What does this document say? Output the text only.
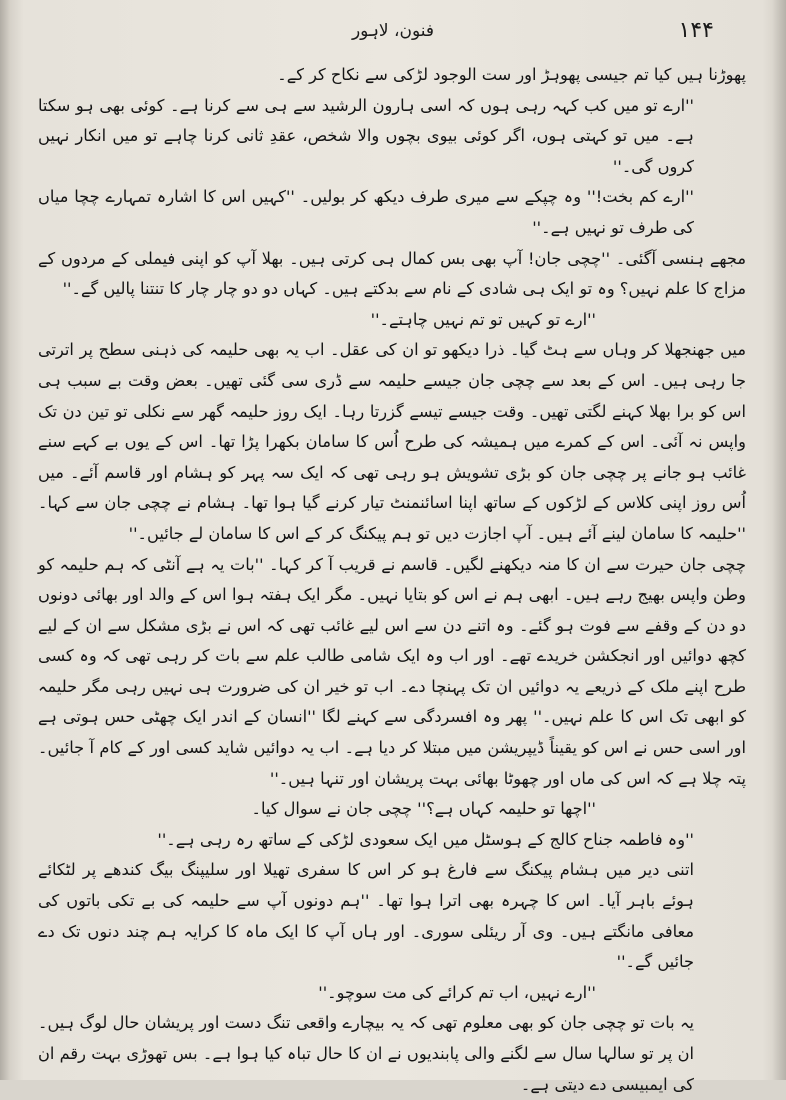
فنون، لاہور	۱۴۴

پھوڑنا ہیں کیا تم جیسی پھوہڑ اور ست الوجود لڑکی سے نکاح کر کے۔

''ارے تو میں کب کہہ رہی ہوں کہ اسی ہارون الرشید سے ہی سے کرنا ہے۔ کوئی بھی ہو سکتا ہے۔ میں تو کہتی ہوں، اگر کوئی بیوی بچوں والا شخص، عقدِ ثانی کرنا چاہے تو میں انکار نہیں کروں گی۔''

''ارے کم بخت!'' وہ چپکے سے میری طرف دیکھ کر بولیں۔ ''کہیں اس کا اشارہ تمہارے چچا میاں کی طرف تو نہیں ہے۔''

مجھے ہنسی آگئی۔ ''چچی جان! آپ بھی بس کمال ہی کرتی ہیں۔ بھلا آپ کو اپنی فیملی کے مردوں کے مزاج کا علم نہیں؟ وہ تو ایک ہی شادی کے نام سے بدکتے ہیں۔ کہاں دو دو چار چار کا تنتنا پالیں گے۔''

''ارے تو کہیں تو تم نہیں چاہتے۔''

میں جھنجھلا کر وہاں سے ہٹ گیا۔ ذرا دیکھو تو ان کی عقل۔ اب یہ بھی حلیمہ کی ذہنی سطح پر اترتی جا رہی ہیں۔ اس کے بعد سے چچی جان جیسے حلیمہ سے ڈری سی گئی تھیں۔ بعض وقت بے سبب ہی اس کو برا بھلا کہنے لگتی تھیں۔ وقت جیسے تیسے گزرتا رہا۔ ایک روز حلیمہ گھر سے نکلی تو تین دن تک واپس نہ آئی۔ اس کے کمرے میں ہمیشہ کی طرح اُس کا سامان بکھرا پڑا تھا۔ اس کے یوں بے کہے سنے غائب ہو جانے پر چچی جان کو بڑی تشویش ہو رہی تھی کہ ایک سہ پہر کو ہشام اور قاسم آئے۔ میں اُس روز اپنی کلاس کے لڑکوں کے ساتھ اپنا اسائنمنٹ تیار کرنے گیا ہوا تھا۔ ہشام نے چچی جان سے کہا۔ ''حلیمہ کا سامان لینے آئے ہیں۔ آپ اجازت دیں تو ہم پیکنگ کر کے اس کا سامان لے جائیں۔''

چچی جان حیرت سے ان کا منہ دیکھنے لگیں۔ قاسم نے قریب آ کر کہا۔ ''بات یہ ہے آنٹی کہ ہم حلیمہ کو وطن واپس بھیج رہے ہیں۔ ابھی ہم نے اس کو بتایا نہیں۔ مگر ایک ہفتہ ہوا اس کے والد اور بھائی دونوں دو دن کے وقفے سے فوت ہو گئے۔ وہ اتنے دن سے اس لیے غائب تھی کہ اس نے بڑی مشکل سے ان کے لیے کچھ دوائیں اور انجکشن خریدے تھے۔ اور اب وہ ایک شامی طالب علم سے بات کر رہی تھی کہ وہ کسی طرح اپنے ملک کے ذریعے یہ دوائیں ان تک پہنچا دے۔ اب تو خیر ان کی ضرورت ہی نہیں رہی مگر حلیمہ کو ابھی تک اس کا علم نہیں۔'' پھر وہ افسردگی سے کہنے لگا ''انسان کے اندر ایک چھٹی حس ہوتی ہے اور اسی حس نے اس کو یقیناً ڈیپریشن میں مبتلا کر دیا ہے۔ اب یہ دوائیں شاید کسی اور کے کام آ جائیں۔ پتہ چلا ہے کہ اس کی ماں اور چھوٹا بھائی بہت پریشان اور تنہا ہیں۔''

''اچھا تو حلیمہ کہاں ہے؟'' چچی جان نے سوال کیا۔

''وہ فاطمہ جناح کالج کے ہوسٹل میں ایک سعودی لڑکی کے ساتھ رہ رہی ہے۔''

اتنی دیر میں ہشام پیکنگ سے فارغ ہو کر اس کا سفری تھیلا اور سلیپنگ بیگ کندھے پر لٹکائے ہوئے باہر آیا۔ اس کا چہرہ بھی اترا ہوا تھا۔ ''ہم دونوں آپ سے حلیمہ کی بے تکی باتوں کی معافی مانگتے ہیں۔ وی آر ریئلی سوری۔ اور ہاں آپ کا ایک ماہ کا کرایہ ہم چند دنوں تک دے جائیں گے۔''

''ارے نہیں، اب تم کرائے کی مت سوچو۔''

یہ بات تو چچی جان کو بھی معلوم تھی کہ یہ بیچارے واقعی تنگ دست اور پریشان حال لوگ ہیں۔ ان پر تو سالہا سال سے لگنے والی پابندیوں نے ان کا حال تباہ کیا ہوا ہے۔ بس تھوڑی بہت رقم ان کی ایمبیسی دے دیتی ہے۔
